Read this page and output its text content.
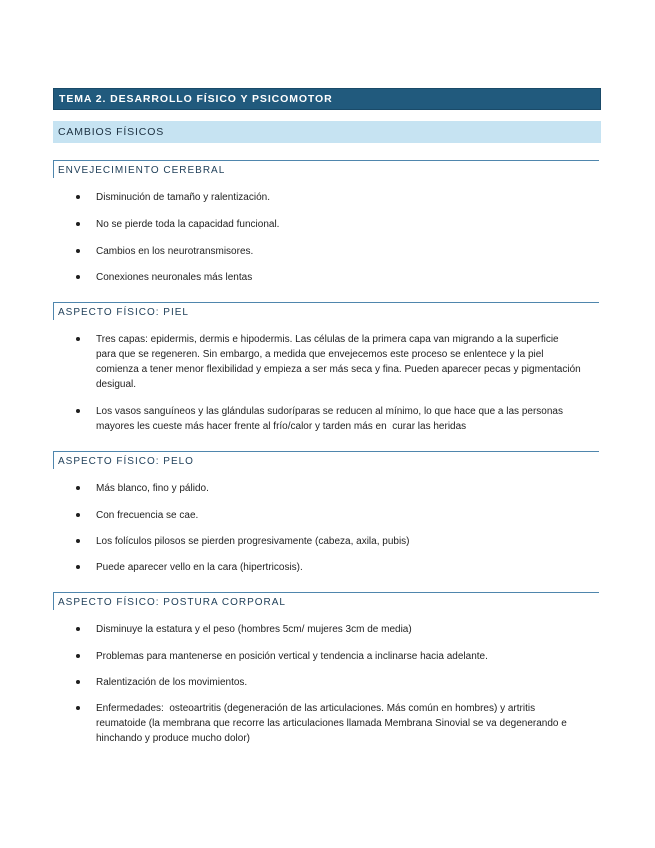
TEMA 2. DESARROLLO FÍSICO Y PSICOMOTOR
CAMBIOS FÍSICOS
ENVEJECIMIENTO CEREBRAL
Disminución de tamaño y ralentización.
No se pierde toda la capacidad funcional.
Cambios en los neurotransmisores.
Conexiones neuronales más lentas
ASPECTO FÍSICO: PIEL
Tres capas: epidermis, dermis e hipodermis. Las células de la primera capa van migrando a la superficie
para que se regeneren. Sin embargo, a medida que envejecemos este proceso se enlentece y la piel
comienza a tener menor flexibilidad y empieza a ser más seca y fina. Pueden aparecer pecas y pigmentación
desigual.
Los vasos sanguíneos y las glándulas sudoríparas se reducen al mínimo, lo que hace que a las personas
mayores les cueste más hacer frente al frío/calor y tarden más en  curar las heridas
ASPECTO FÍSICO: PELO
Más blanco, fino y pálido.
Con frecuencia se cae.
Los folículos pilosos se pierden progresivamente (cabeza, axila, pubis)
Puede aparecer vello en la cara (hipertricosis).
ASPECTO FÍSICO: POSTURA CORPORAL
Disminuye la estatura y el peso (hombres 5cm/ mujeres 3cm de media)
Problemas para mantenerse en posición vertical y tendencia a inclinarse hacia adelante.
Ralentización de los movimientos.
Enfermedades:  osteoartritis (degeneración de las articulaciones. Más común en hombres) y artritis
reumatoide (la membrana que recorre las articulaciones llamada Membrana Sinovial se va degenerando e
hinchando y produce mucho dolor)
